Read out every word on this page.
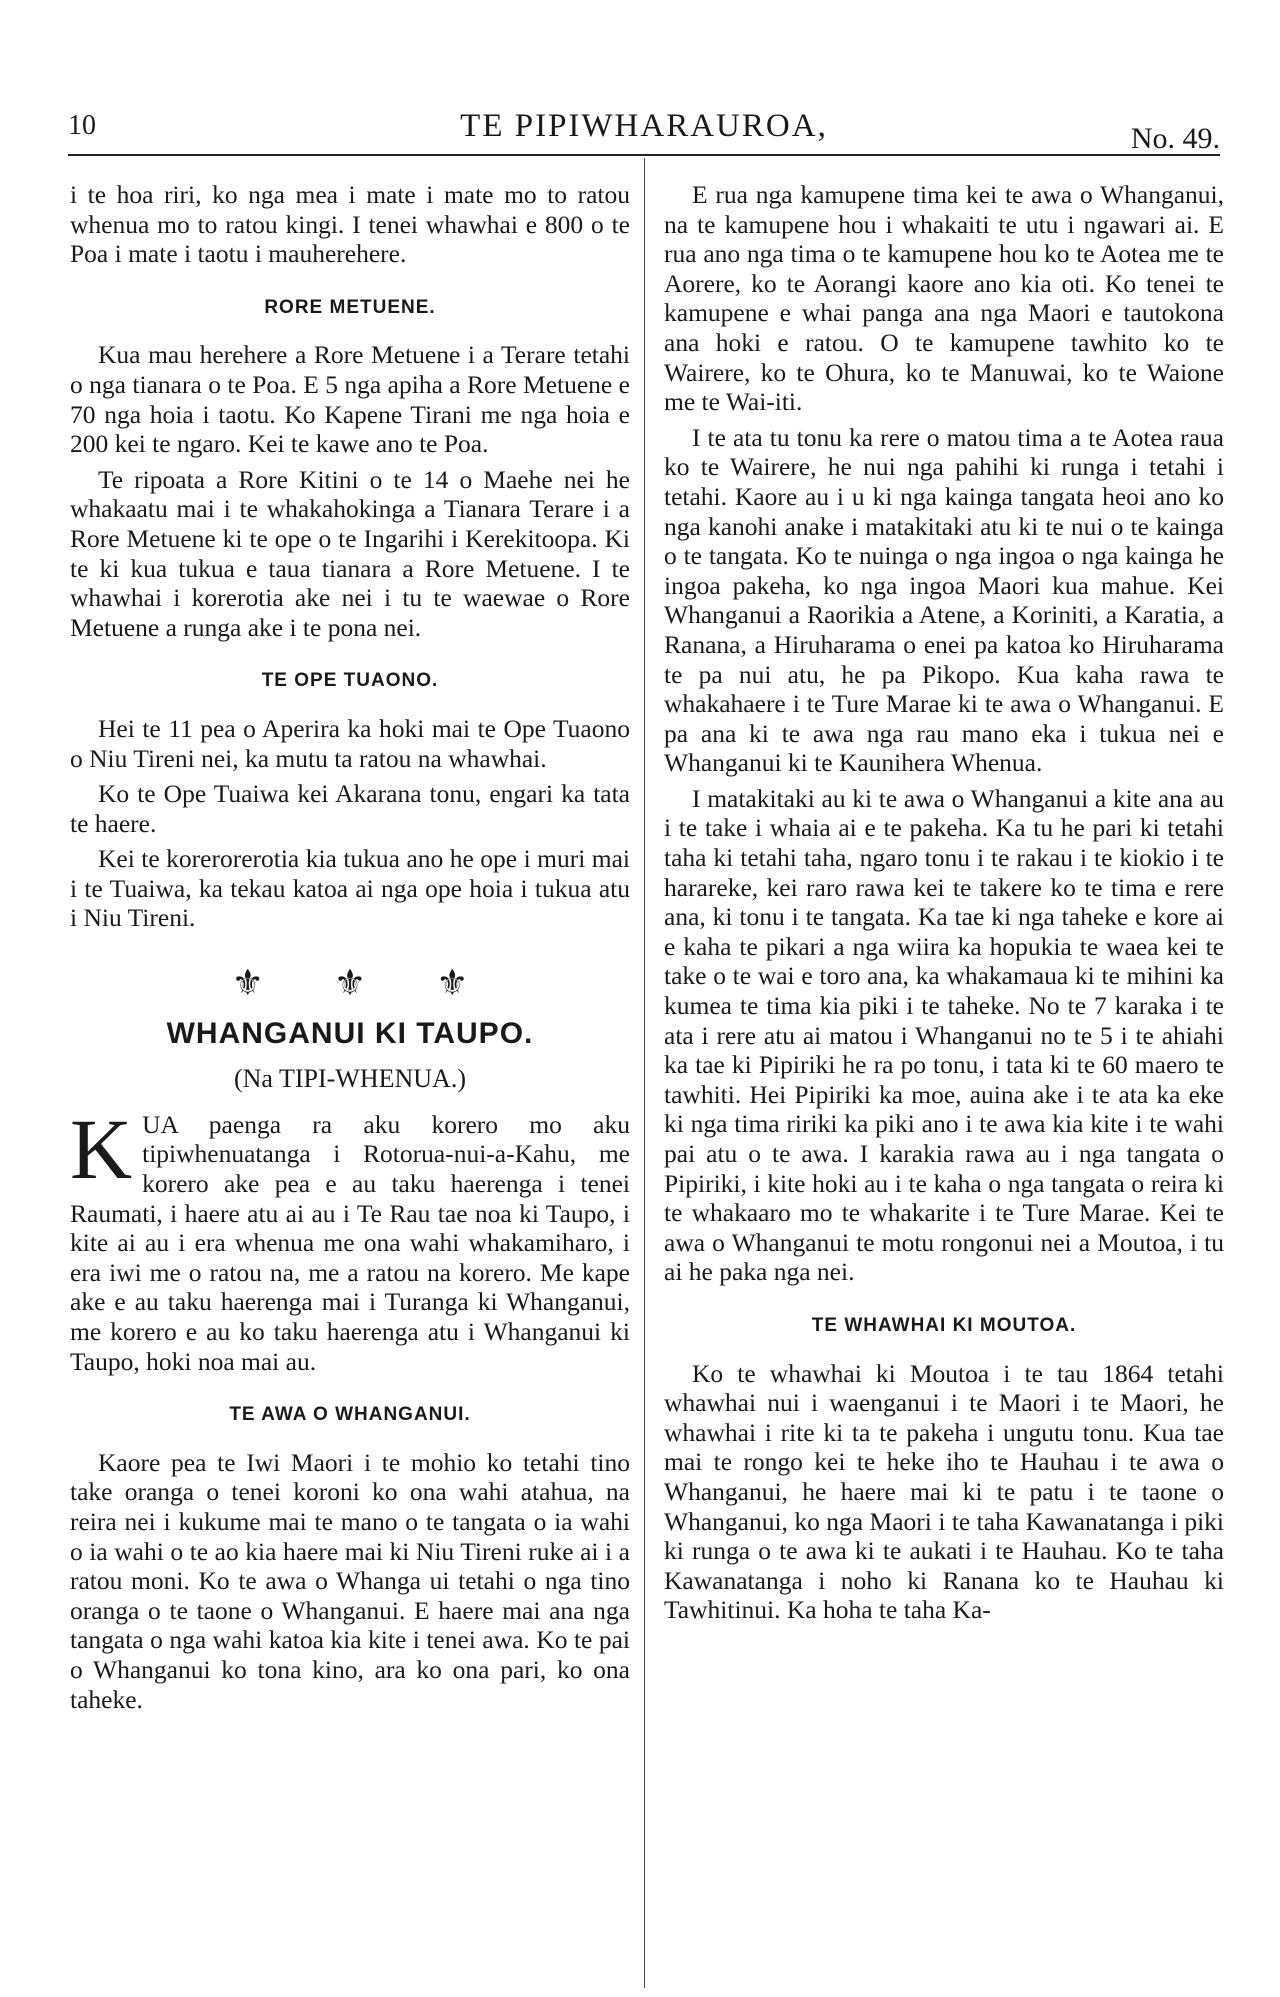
10	TE PIPIWHARAUROA,	No. 49.

i te hoa riri, ko nga mea i mate i mate mo to ratou whenua mo to ratou kingi. I tenei whawhai e 800 o te Poa i mate i taotu i mauherehere.

RORE METUENE.

Kua mau herehere a Rore Metuene i a Terare tetahi o nga tianara o te Poa. E 5 nga apiha a Rore Metuene e 70 nga hoia i taotu. Ko Kapene Tirani me nga hoia e 200 kei te ngaro. Kei te kawe ano te Poa.

Te ripoata a Rore Kitini o te 14 o Maehe nei he whakaatu mai i te whakahokinga a Tianara Terare i a Rore Metuene ki te ope o te Ingarihi i Kerekitoopa. Ki te ki kua tukua e taua tianara a Rore Metuene. I te whawhai i korerotia ake nei i tu te waewae o Rore Metuene a runga ake i te pona nei.

TE OPE TUAONO.

Hei te 11 pea o Aperira ka hoki mai te Ope Tuaono o Niu Tireni nei, ka mutu ta ratou na whawhai.

Ko te Ope Tuaiwa kei Akarana tonu, engari ka tata te haere.

Kei te korerorerotia kia tukua ano he ope i muri mai i te Tuaiwa, ka tekau katoa ai nga ope hoia i tukua atu i Niu Tireni.

⚜ ⚜ ⚜
WHANGANUI KI TAUPO.
(Na TIPI-WHENUA.)

KUA paenga ra aku korero mo aku tipiwhenuatanga i Rotorua-nui-a-Kahu, me korero ake pea e au taku haerenga i tenei Raumati, i haere atu ai au i Te Rau tae noa ki Taupo, i kite ai au i era whenua me ona wahi whakamiharo, i era iwi me o ratou na, me a ratou na korero. Me kape ake e au taku haerenga mai i Turanga ki Whanganui, me korero e au ko taku haerenga atu i Whanganui ki Taupo, hoki noa mai au.

TE AWA O WHANGANUI.

Kaore pea te Iwi Maori i te mohio ko tetahi tino take oranga o tenei koroni ko ona wahi atahua, na reira nei i kukume mai te mano o te tangata o ia wahi o ia wahi o te ao kia haere mai ki Niu Tireni ruke ai i a ratou moni. Ko te awa o Whanga ui tetahi o nga tino oranga o te taone o Whanganui. E haere mai ana nga tangata o nga wahi katoa kia kite i tenei awa. Ko te pai o Whanganui ko tona kino, ara ko ona pari, ko ona taheke.

E rua nga kamupene tima kei te awa o Whanganui, na te kamupene hou i whakaiti te utu i ngawari ai. E rua ano nga tima o te kamupene hou ko te Aotea me te Aorere, ko te Aorangi kaore ano kia oti. Ko tenei te kamupene e whai panga ana nga Maori e tautokona ana hoki e ratou. O te kamupene tawhito ko te Wairere, ko te Ohura, ko te Manuwai, ko te Waione me te Wai-iti.

I te ata tu tonu ka rere o matou tima a te Aotea raua ko te Wairere, he nui nga pahihi ki runga i tetahi i tetahi. Kaore au i u ki nga kainga tangata heoi ano ko nga kanohi anake i matakitaki atu ki te nui o te kainga o te tangata. Ko te nuinga o nga ingoa o nga kainga he ingoa pakeha, ko nga ingoa Maori kua mahue. Kei Whanganui a Raorikia a Atene, a Koriniti, a Karatia, a Ranana, a Hiruharama o enei pa katoa ko Hiruharama te pa nui atu, he pa Pikopo. Kua kaha rawa te whakahaere i te Ture Marae ki te awa o Whanganui. E pa ana ki te awa nga rau mano eka i tukua nei e Whanganui ki te Kaunihera Whenua.

I matakitaki au ki te awa o Whanganui a kite ana au i te take i whaia ai e te pakeha. Ka tu he pari ki tetahi taha ki tetahi taha, ngaro tonu i te rakau i te kiokio i te harareke, kei raro rawa kei te takere ko te tima e rere ana, ki tonu i te tangata. Ka tae ki nga taheke e kore ai e kaha te pikari a nga wiira ka hopukia te waea kei te take o te wai e toro ana, ka whakamaua ki te mihini ka kumea te tima kia piki i te taheke. No te 7 karaka i te ata i rere atu ai matou i Whanganui no te 5 i te ahiahi ka tae ki Pipiriki he ra po tonu, i tata ki te 60 maero te tawhiti. Hei Pipiriki ka moe, auina ake i te ata ka eke ki nga tima ririki ka piki ano i te awa kia kite i te wahi pai atu o te awa. I karakia rawa au i nga tangata o Pipiriki, i kite hoki au i te kaha o nga tangata o reira ki te whakaaro mo te whakarite i te Ture Marae. Kei te awa o Whanganui te motu rongonui nei a Moutoa, i tu ai he paka nga nei.

TE WHAWHAI KI MOUTOA.

Ko te whawhai ki Moutoa i te tau 1864 tetahi whawhai nui i waenganui i te Maori i te Maori, he whawhai i rite ki ta te pakeha i ungutu tonu. Kua tae mai te rongo kei te heke iho te Hauhau i te awa o Whanganui, he haere mai ki te patu i te taone o Whanganui, ko nga Maori i te taha Kawanatanga i piki ki runga o te awa ki te aukati i te Hauhau. Ko te taha Kawanatanga i noho ki Ranana ko te Hauhau ki Tawhitinui. Ka hoha te taha Ka-
